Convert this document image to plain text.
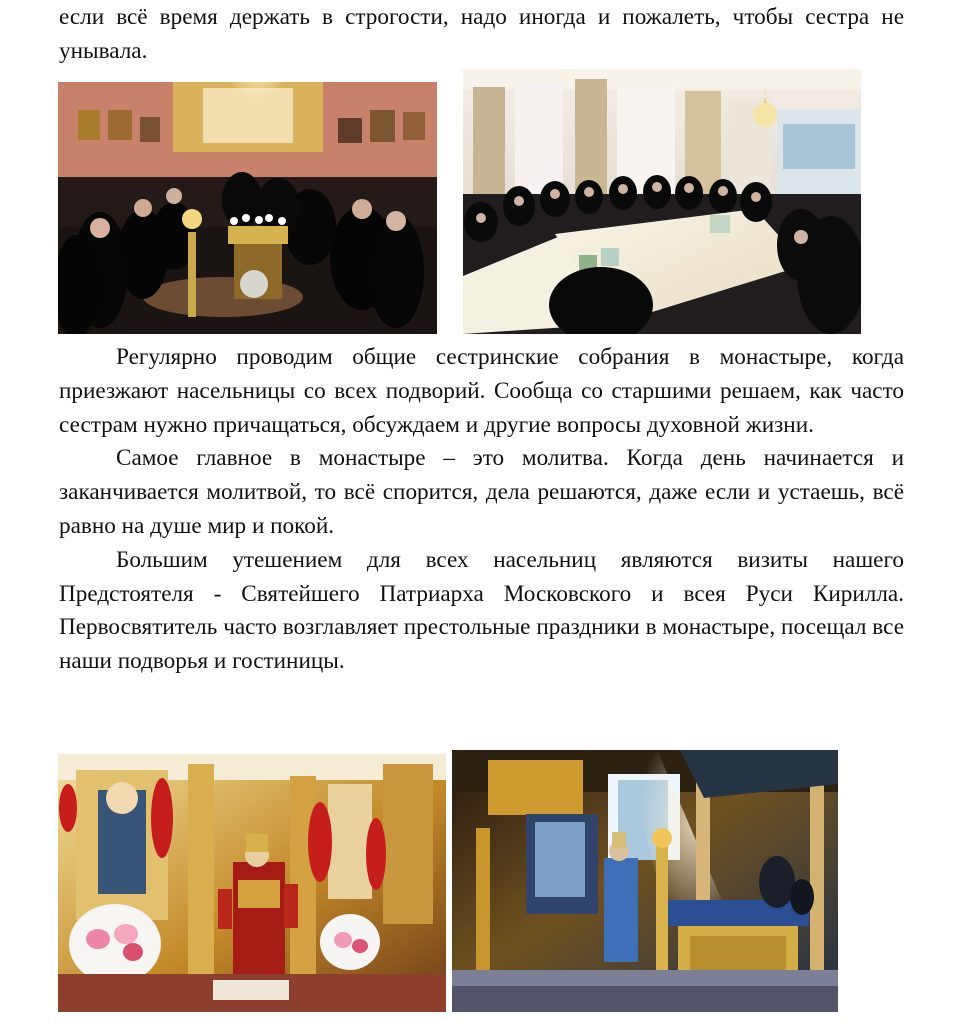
если всё время держать в строгости, надо иногда и пожалеть, чтобы сестра не унывала.

Регулярно проводим общие сестринские собрания в монастыре, когда приезжают насельницы со всех подворий. Сообща со старшими решаем, как часто сестрам нужно причащаться, обсуждаем и другие вопросы духовной жизни.

Самое главное в монастыре – это молитва. Когда день начинается и заканчивается молитвой, то всё спорится, дела решаются, даже если и устаешь, всё равно на душе мир и покой.

Большим утешением для всех насельниц являются визиты нашего Предстоятеля - Святейшего Патриарха Московского и всея Руси Кирилла. Первосвятитель часто возглавляет престольные праздники в монастыре, посещал все наши подворья и гостиницы.
